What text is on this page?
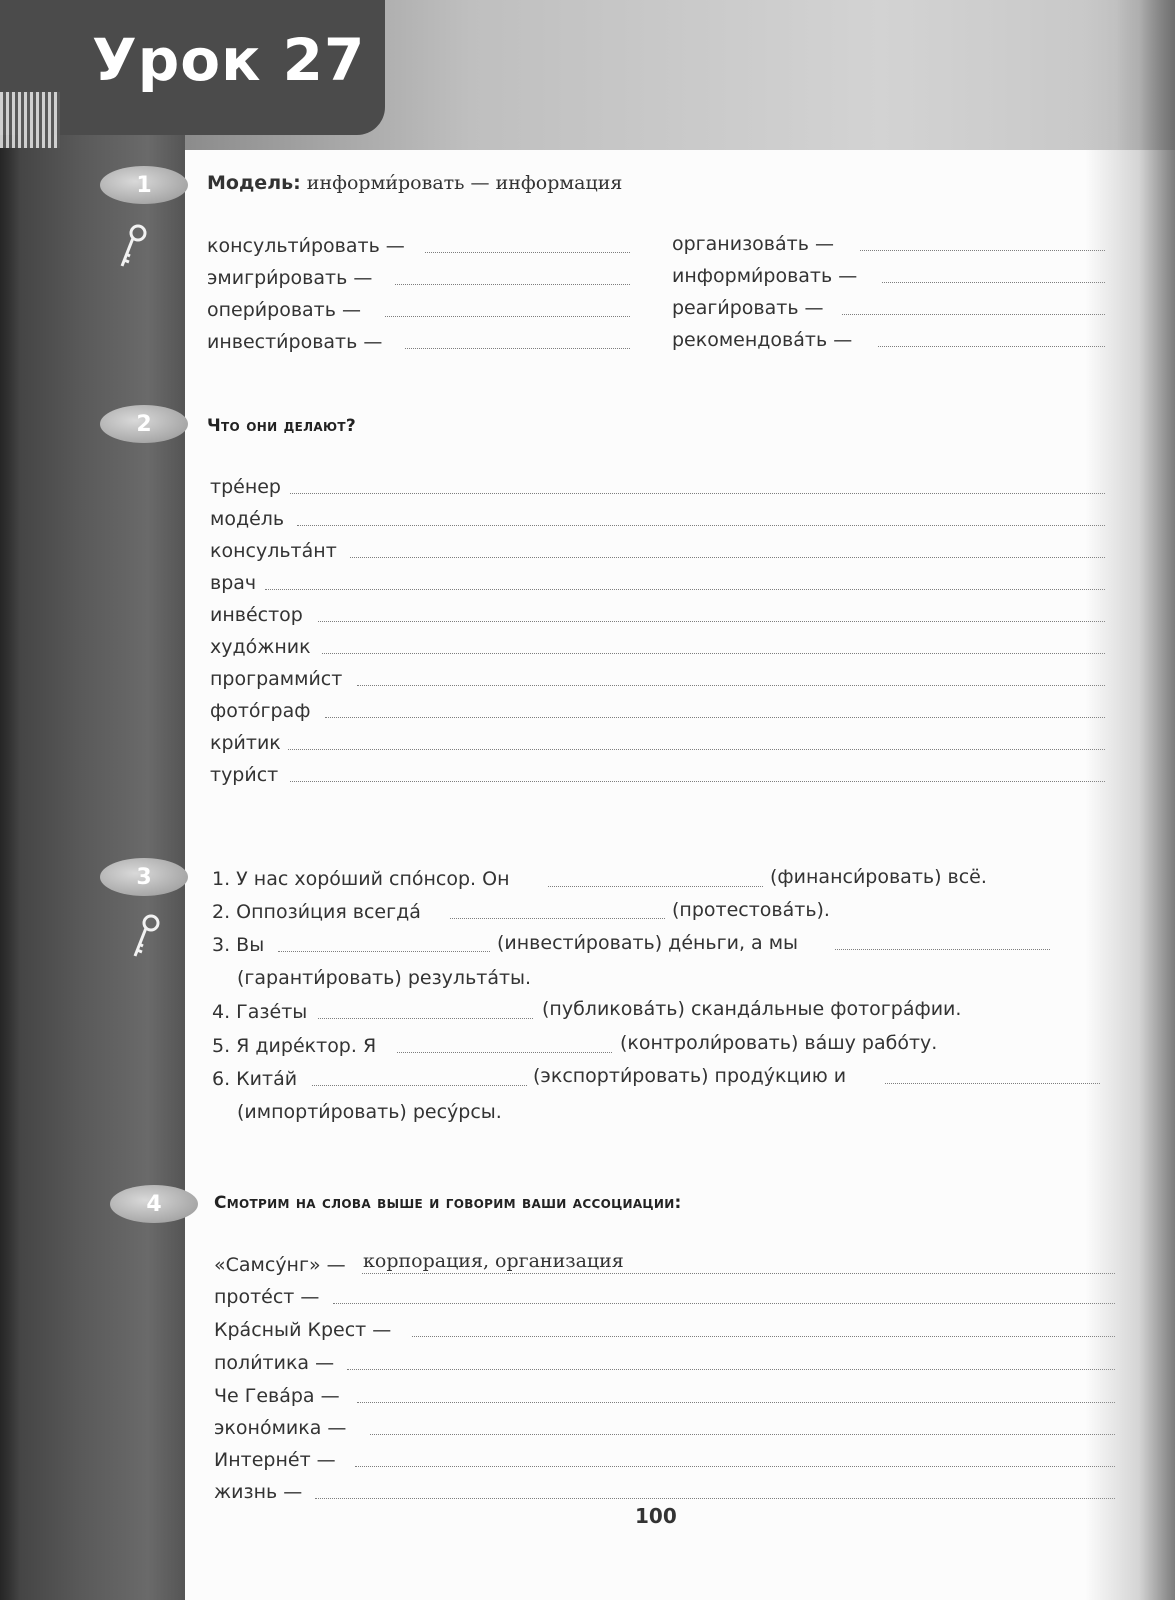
Урок 27
1	Модель: информи́ровать — информация
консульти́ровать —
эмигри́ровать —
опери́ровать —
инвести́ровать —
организова́ть —
информи́ровать —
реаги́ровать —
рекомендова́ть —
2	Что они делают?
тре́нер
моде́ль
консульта́нт
врач
инве́стор
худо́жник
программи́ст
фото́граф
кри́тик
тури́ст
3	1. У нас хоро́ший спо́нсор. Он	(финанси́ровать) всё.
2. Оппози́ция всегда́	(протестова́ть).
3. Вы	(инвести́ровать) де́ньги, а мы
(гаранти́ровать) результа́ты.
4. Газе́ты	(публикова́ть) сканда́льные фотогра́фии.
5. Я дире́ктор. Я	(контроли́ровать) ва́шу рабо́ту.
6. Кита́й	(экспорти́ровать) проду́кцию и
(импорти́ровать) ресу́рсы.
4	Смотрим на слова выше и говорим ваши ассоциации:
«Самсу́нг» — корпорация, организация
проте́ст —
Кра́сный Крест —
поли́тика —
Че Гева́ра —
эконо́мика —
Интерне́т —
жизнь —
100
